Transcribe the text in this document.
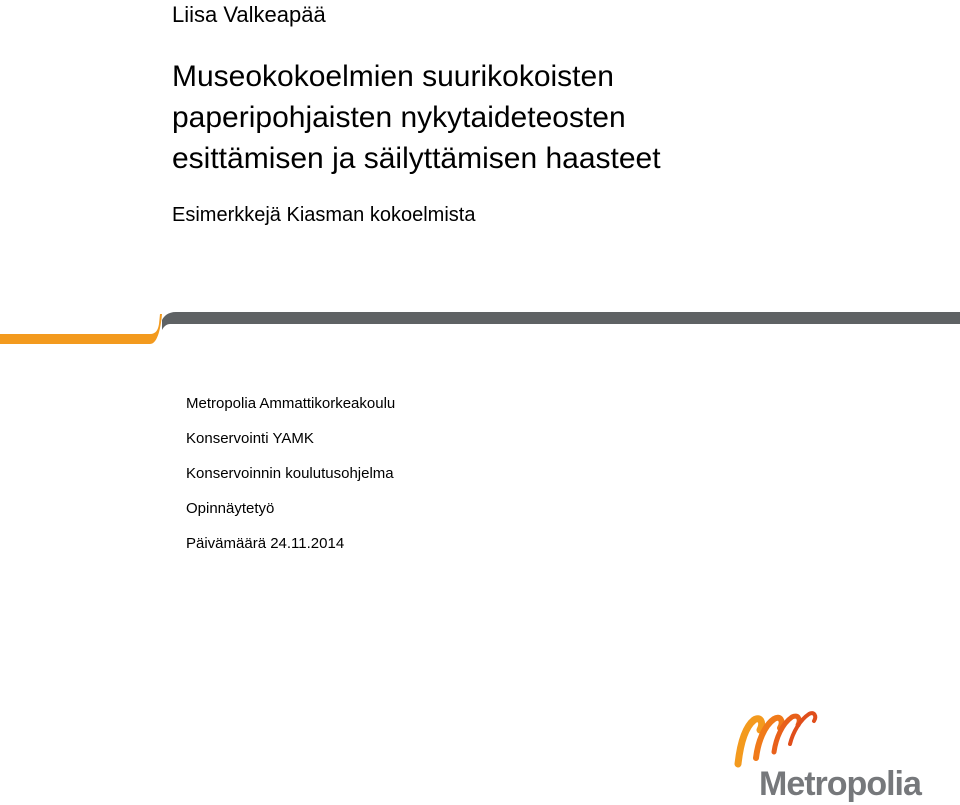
Liisa Valkeapää
Museokokoelmien suurikokoisten
paperipohjaisten nykytaideteosten
esittämisen ja säilyttämisen haasteet
Esimerkkejä Kiasman kokoelmista
Metropolia Ammattikorkeakoulu
Konservointi YAMK
Konservoinnin koulutusohjelma
Opinnäytetyö
Päivämäärä 24.11.2014
Metropolia
